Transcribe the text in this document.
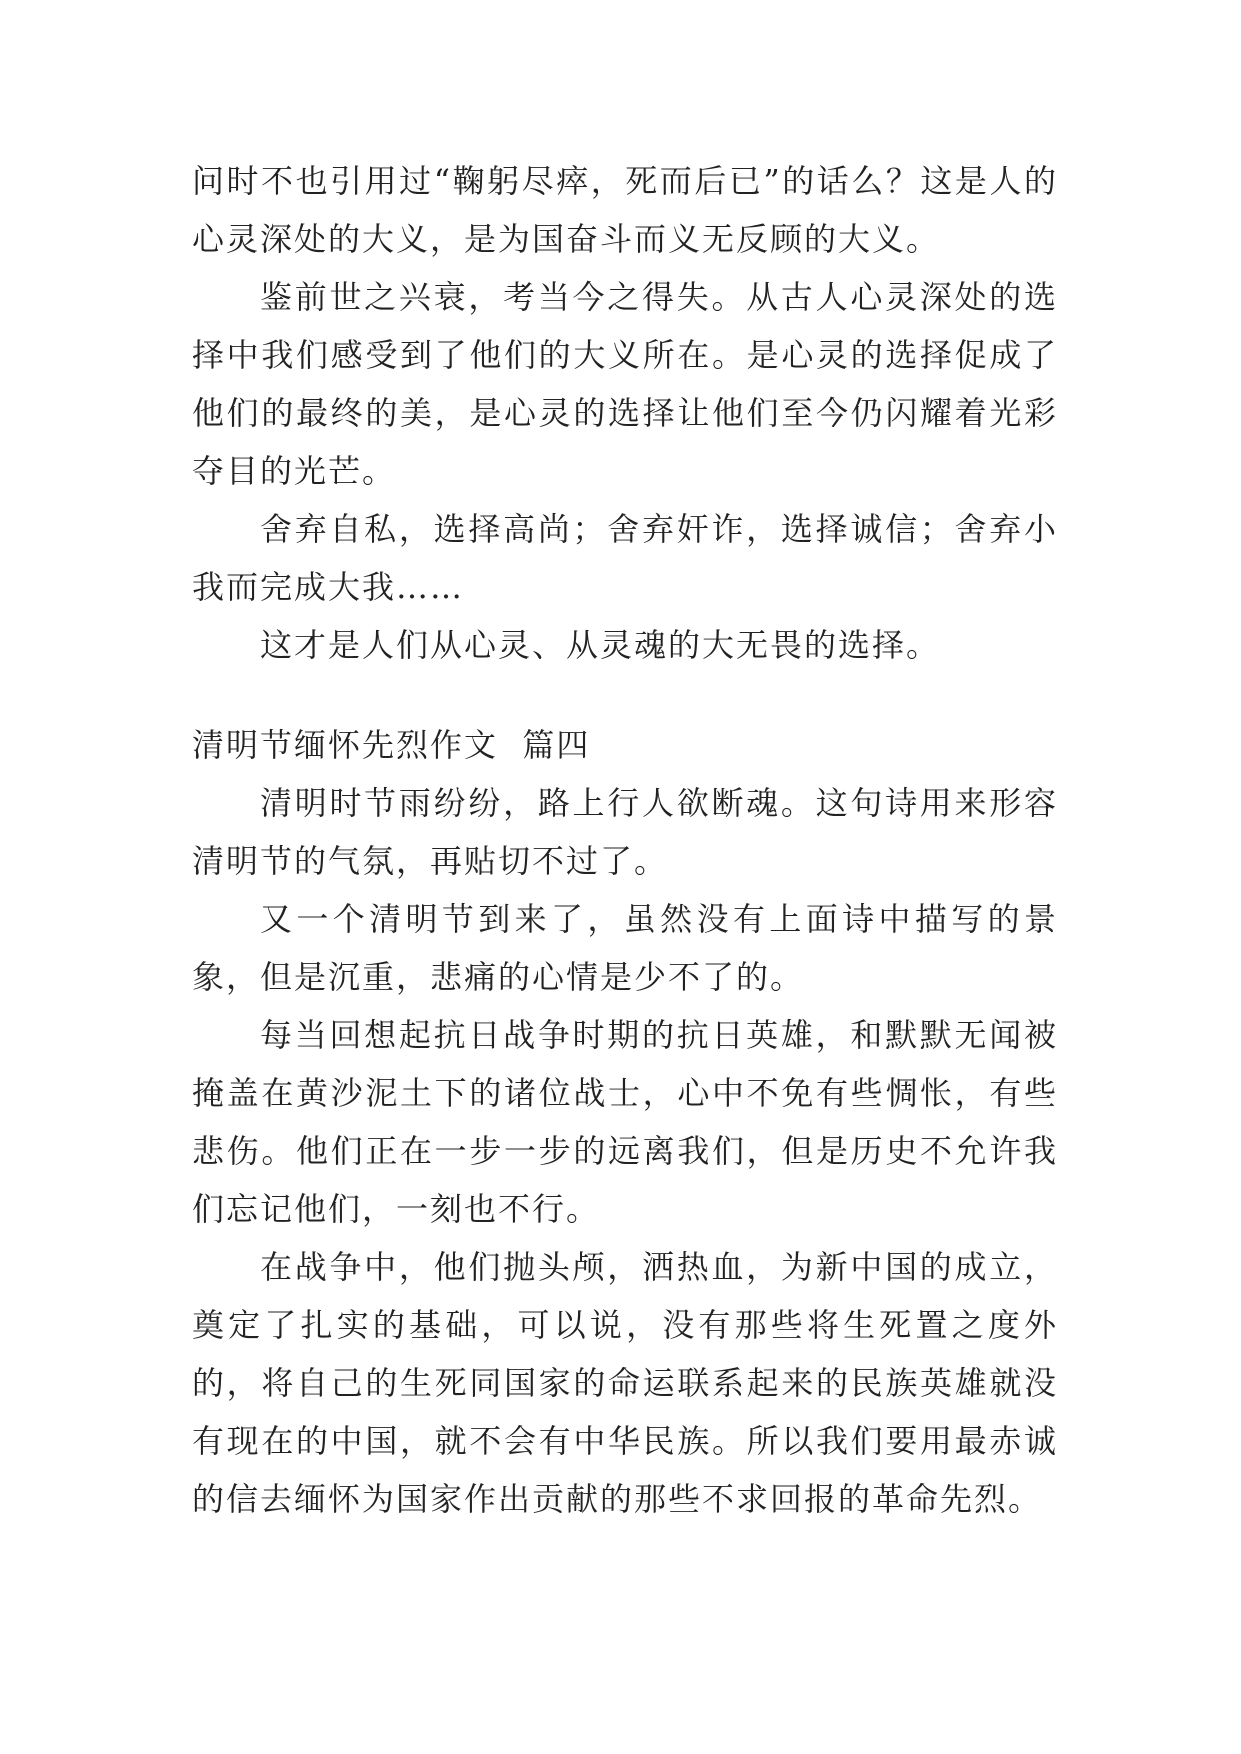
问时不也引用过“鞠躬尽瘁，死而后已”的话么？这是人的心灵深处的大义，是为国奋斗而义无反顾的大义。

鉴前世之兴衰，考当今之得失。从古人心灵深处的选择中我们感受到了他们的大义所在。是心灵的选择促成了他们的最终的美，是心灵的选择让他们至今仍闪耀着光彩夺目的光芒。

舍弃自私，选择高尚；舍弃奸诈，选择诚信；舍弃小我而完成大我……

这才是人们从心灵、从灵魂的大无畏的选择。

清明节缅怀先烈作文  篇四

清明时节雨纷纷，路上行人欲断魂。这句诗用来形容清明节的气氛，再贴切不过了。

又一个清明节到来了，虽然没有上面诗中描写的景象，但是沉重，悲痛的心情是少不了的。

每当回想起抗日战争时期的抗日英雄，和默默无闻被掩盖在黄沙泥土下的诸位战士，心中不免有些惆怅，有些悲伤。他们正在一步一步的远离我们，但是历史不允许我们忘记他们，一刻也不行。

在战争中，他们抛头颅，洒热血，为新中国的成立，奠定了扎实的基础，可以说，没有那些将生死置之度外的，将自己的生死同国家的命运联系起来的民族英雄就没有现在的中国，就不会有中华民族。所以我们要用最赤诚的信去缅怀为国家作出贡献的那些不求回报的革命先烈。
